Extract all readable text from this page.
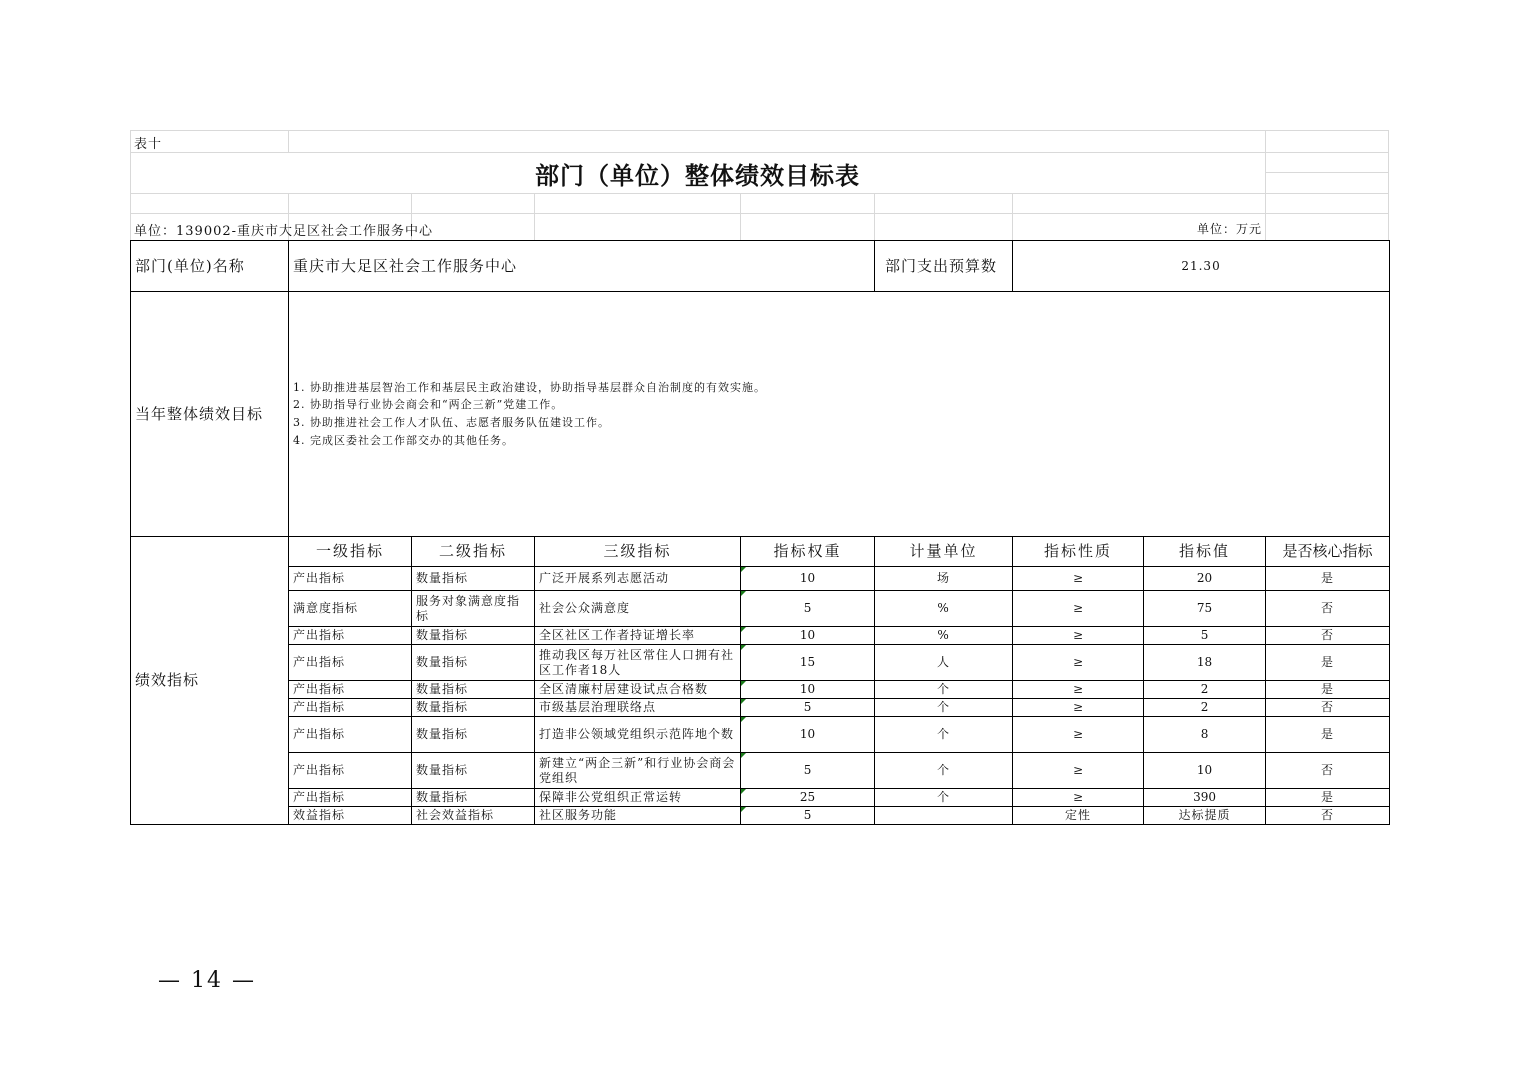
表十
部门（单位）整体绩效目标表
单位：139002-重庆市大足区社会工作服务中心	单位：万元
部门(单位)名称	重庆市大足区社会工作服务中心				部门支出预算数	21.30		
当年整体绩效目标	1. 协助推进基层智治工作和基层民主政治建设，协助指导基层群众自治制度的有效实施。
2. 协助指导行业协会商会和“两企三新”党建工作。
3. 协助推进社会工作人才队伍、志愿者服务队伍建设工作。
4. 完成区委社会工作部交办的其他任务。							

绩效指标	一级指标	二级指标	三级指标	指标权重	计量单位	指标性质	指标值	是否核心指标
	产出指标	数量指标	广泛开展系列志愿活动	10	场	≥	20	是
	满意度指标	服务对象满意度指标	社会公众满意度	5	%	≥	75	否
	产出指标	数量指标	全区社区工作者持证增长率	10	%	≥	5	否
	产出指标	数量指标	推动我区每万社区常住人口拥有社区工作者18人	15	人	≥	18	是
	产出指标	数量指标	全区清廉村居建设试点合格数	10	个	≥	2	是
	产出指标	数量指标	市级基层治理联络点	5	个	≥	2	否
	产出指标	数量指标	打造非公领域党组织示范阵地个数	10	个	≥	8	是
	产出指标	数量指标	新建立“两企三新”和行业协会商会党组织	5	个	≥	10	否
	产出指标	数量指标	保障非公党组织正常运转	25	个	≥	390	是
	效益指标	社会效益指标	社区服务功能	5		定性	达标提质	否
— 14 —
